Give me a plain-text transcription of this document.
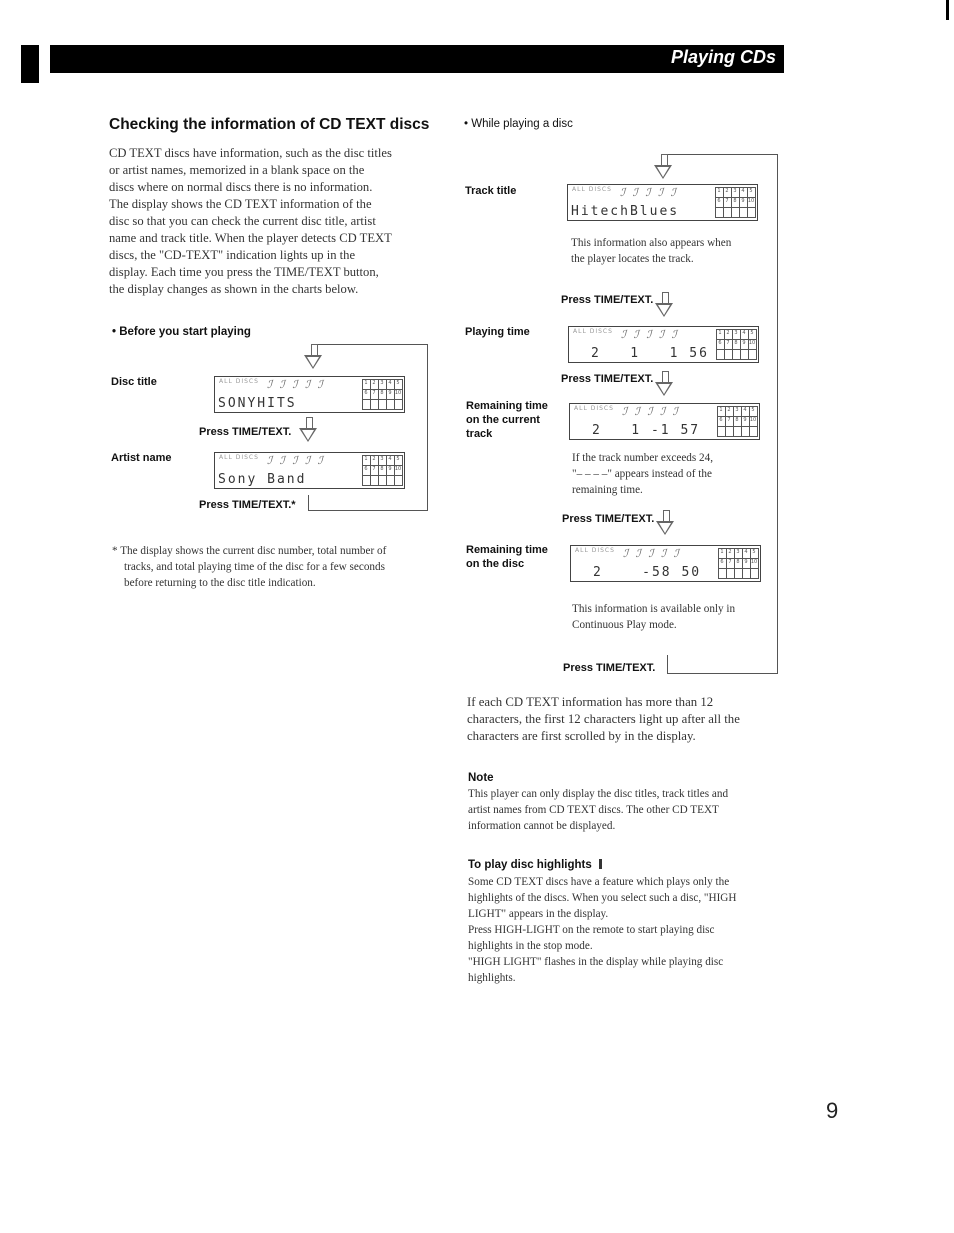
Playing CDs
Checking the information of CD TEXT discs
CD TEXT discs have information, such as the disc titles
or artist names, memorized in a blank space on the
discs where on normal discs there is no information.
The display shows the CD TEXT information of the
disc so that you can check the current disc title, artist
name and track title. When the player detects CD TEXT
discs, the "CD-TEXT" indication lights up in the
display. Each time you press the TIME/TEXT button,
the display changes as shown in the charts below.
• Before you start playing
Disc title	ALL DISCS ℐ ℐ ℐ ℐ ℐ
SONYHITS
1 2 3 4 5
6 7 8 9 10
Press TIME/TEXT.
Artist name	ALL DISCS ℐ ℐ ℐ ℐ ℐ
Sony Band
1 2 3 4 5
6 7 8 9 10
Press TIME/TEXT.*
* The display shows the current disc number, total number of
tracks, and total playing time of the disc for a few seconds
before returning to the disc title indication.
• While playing a disc
Track title	ALL DISCS ℐ ℐ ℐ ℐ ℐ
HitechBlues
1 2 3 4 5
6 7 8 9 10
This information also appears when
the player locates the track.
Press TIME/TEXT.
Playing time	ALL DISCS ℐ ℐ ℐ ℐ ℐ
2   1   1 56
1 2 3 4 5
6 7 8 9 10
Press TIME/TEXT.
Remaining time
on the current
track
ALL DISCS ℐ ℐ ℐ ℐ ℐ
2   1 -1 57
1 2 3 4 5
6 7 8 9 10
If the track number exceeds 24,
"– – – –" appears instead of the
remaining time.
Press TIME/TEXT.
Remaining time
on the disc
ALL DISCS ℐ ℐ ℐ ℐ ℐ
2    -58 50
1 2 3 4 5
6 7 8 9 10
This information is available only in
Continuous Play mode.
Press TIME/TEXT.
If each CD TEXT information has more than 12
characters, the first 12 characters light up after all the
characters are first scrolled by in the display.
Note
This player can only display the disc titles, track titles and
artist names from CD TEXT discs. The other CD TEXT
information cannot be displayed.
To play disc highlights
Some CD TEXT discs have a feature which plays only the
highlights of the discs. When you select such a disc, "HIGH
LIGHT" appears in the display.
Press HIGH-LIGHT on the remote to start playing disc
highlights in the stop mode.
"HIGH LIGHT" flashes in the display while playing disc
highlights.
9
